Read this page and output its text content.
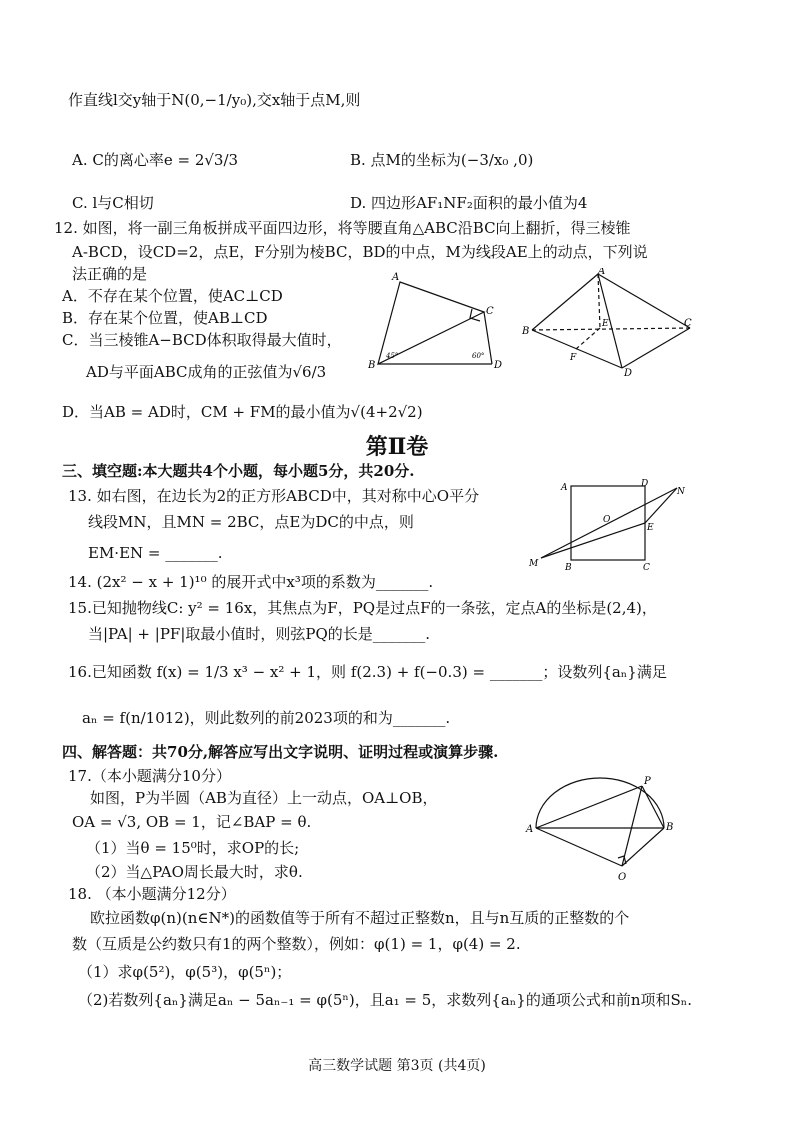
作直线l交y轴于N(0,−1/y₀),交x轴于点M,则
A. C的离心率e = 2√3/3	B. 点M的坐标为(−3/x₀ ,0)
C. l与C相切	D. 四边形AF₁NF₂面积的最小值为4
12. 如图，将一副三角板拼成平面四边形，将等腰直角△ABC沿BC向上翻折，得三棱锥
A-BCD，设CD=2，点E，F分别为棱BC，BD的中点，M为线段AE上的动点，下列说
法正确的是
A．不存在某个位置，使AC⊥CD
B．存在某个位置，使AB⊥CD
C．当三棱锥A−BCD体积取得最大值时，
AD与平面ABC成角的正弦值为√6/3
D．当AB = AD时，CM + FM的最小值为√(4+2√2)
三、填空题:本大题共4个小题，每小题5分，共20分.
13. 如右图，在边长为2的正方形ABCD中，其对称中心O平分
线段MN，且MN = 2BC，点E为DC的中点，则
EM·EN = _______.
14. (2x² − x + 1)¹⁰ 的展开式中x³项的系数为_______.
15.已知抛物线C: y² = 16x，其焦点为F，PQ是过点F的一条弦，定点A的坐标是(2,4)，
当|PA| + |PF|取最小值时，则弦PQ的长是_______.
16.已知函数 f(x) = 1/3 x³ − x² + 1，则 f(2.3) + f(−0.3) = _______；设数列{aₙ}满足
aₙ = f(n/1012)，则此数列的前2023项的和为_______.
四、解答题：共70分,解答应写出文字说明、证明过程或演算步骤.
17.（本小题满分10分）
如图，P为半圆（AB为直径）上一动点，OA⊥OB，
OA = √3, OB = 1，记∠BAP = θ.
（1）当θ = 15⁰时，求OP的长;
（2）当△PAO周长最大时，求θ.
18. （本小题满分12分）
欧拉函数φ(n)(n∈N*)的函数值等于所有不超过正整数n，且与n互质的正整数的个
数（互质是公约数只有1的两个整数），例如：φ(1) = 1，φ(4) = 2.
（1）求φ(5²)，φ(5³)，φ(5ⁿ)；
（2)若数列{aₙ}满足aₙ − 5aₙ₋₁ = φ(5ⁿ)，且a₁ = 5，求数列{aₙ}的通项公式和前n项和Sₙ.
第Ⅱ卷
高三数学试题 第3页 (共4页)
A
C
B	D
45°	60°
A
B
C
D
E
F
A	D
B	C
O
E
M
N
A	B
P
O
